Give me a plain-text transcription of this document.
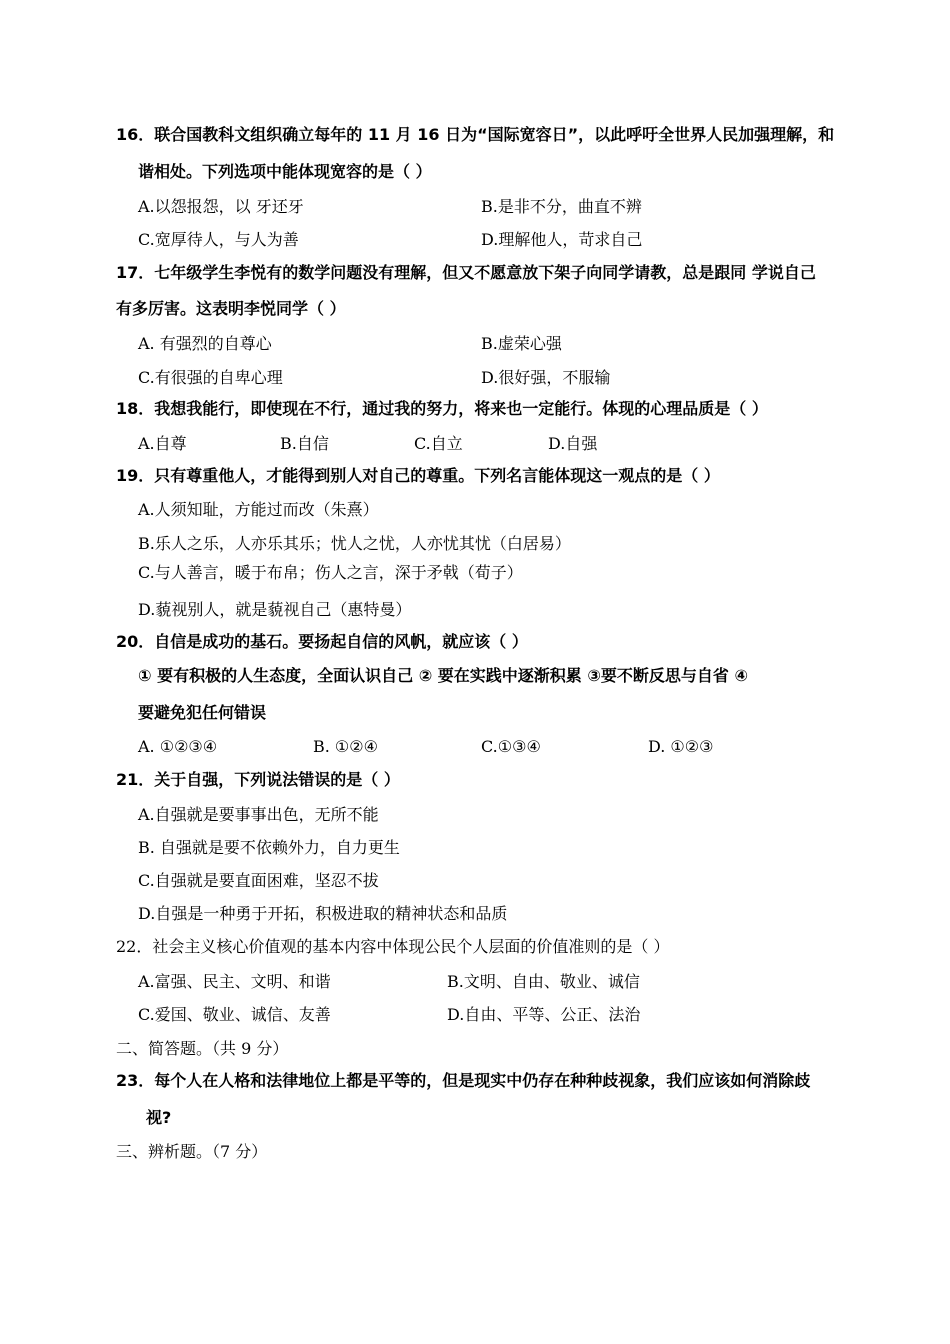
16．联合国教科文组织确立每年的 11 月 16 日为“国际宽容日”，以此呼吁全世界人民加强理解，和
谐相处。下列选项中能体现宽容的是（ ）
A.以怨报怨，以 牙还牙	B.是非不分，曲直不辨
C.宽厚待人，与人为善	D.理解他人，苛求自己
17．七年级学生李悦有的数学问题没有理解，但又不愿意放下架子向同学请教，总是跟同 学说自己
有多厉害。这表明李悦同学（ ）
A. 有强烈的自尊心	B.虚荣心强
C.有很强的自卑心理	D.很好强，不服输
18．我想我能行，即使现在不行，通过我的努力，将来也一定能行。体现的心理品质是（ ）
A.自尊	B.自信	C.自立	D.自强
19．只有尊重他人，才能得到别人对自己的尊重。下列名言能体现这一观点的是（ ）
A.人须知耻，方能过而改（朱熹）
B.乐人之乐，人亦乐其乐；忧人之忧，人亦忧其忧（白居易）
C.与人善言，暖于布帛；伤人之言，深于矛戟（荀子）
D.藐视别人，就是藐视自己（惠特曼）
20．自信是成功的基石。要扬起自信的风帆，就应该（ ）
① 要有积极的人生态度，全面认识自己 ② 要在实践中逐渐积累 ③要不断反思与自省 ④
要避免犯任何错误
A. ①②③④	B. ①②④	C.①③④	D. ①②③
21．关于自强，下列说法错误的是（ ）
A.自强就是要事事出色，无所不能
B. 自强就是要不依赖外力，自力更生
C.自强就是要直面困难，坚忍不拔
D.自强是一种勇于开拓，积极进取的精神状态和品质
22．社会主义核心价值观的基本内容中体现公民个人层面的价值准则的是（ ）
A.富强、民主、文明、和谐	B.文明、自由、敬业、诚信
C.爱国、敬业、诚信、友善	D.自由、平等、公正、法治
二、简答题。（共 9 分）
23．每个人在人格和法律地位上都是平等的，但是现实中仍存在种种歧视象，我们应该如何消除歧
视?
三、辨析题。（7 分）
